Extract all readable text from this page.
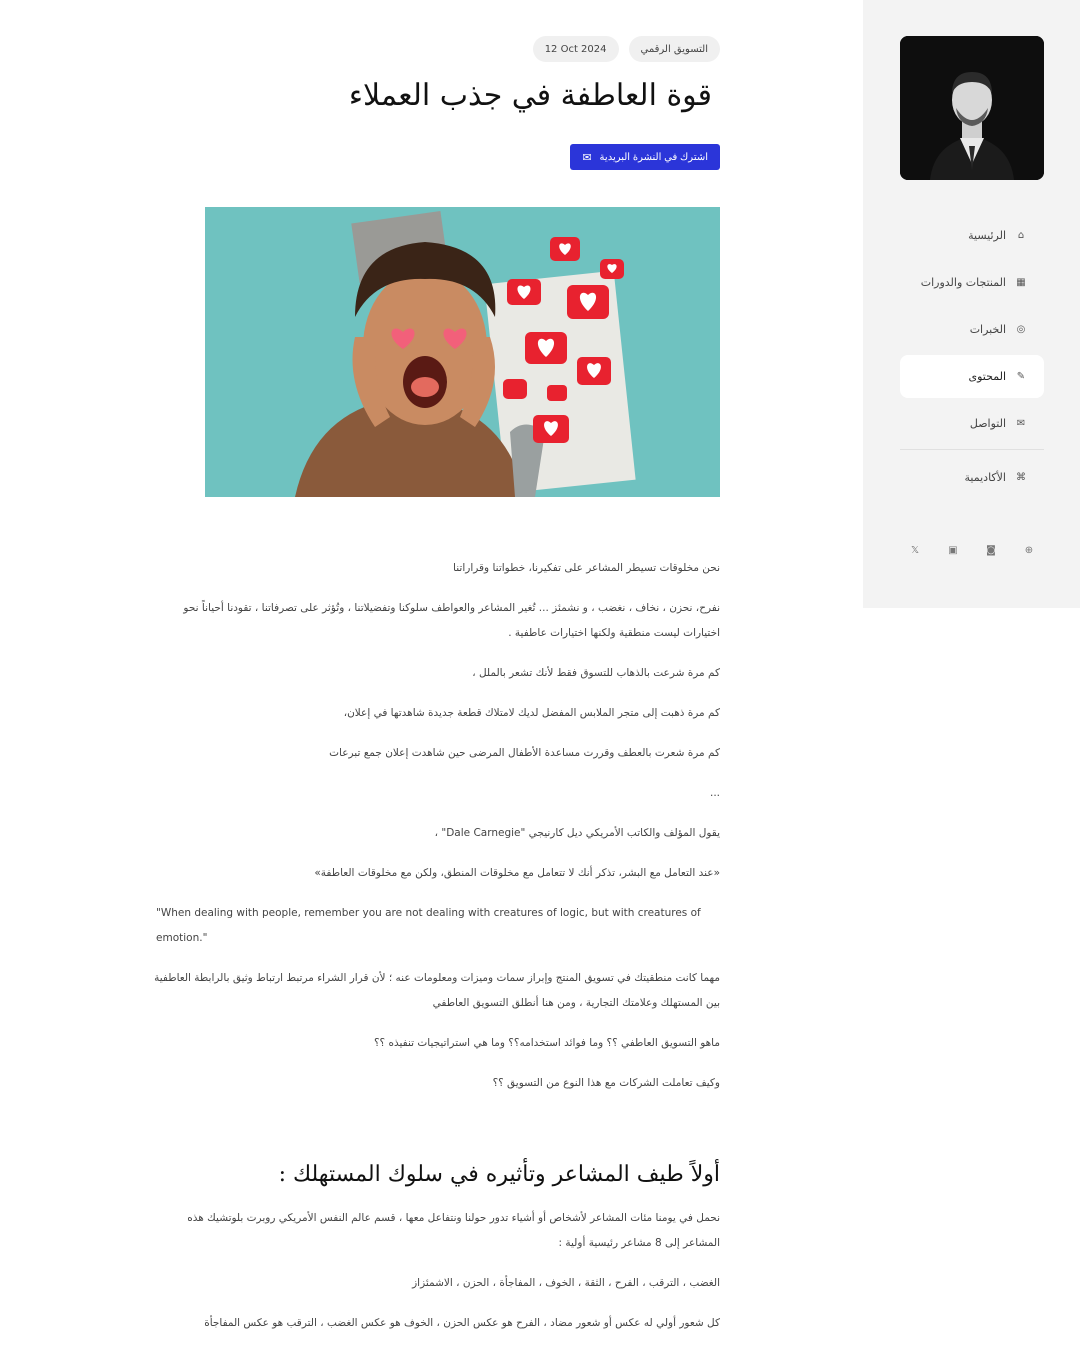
⌂
الرئيسية
▦
المنتجات والدورات
◎
الخبرات
✎
المحتوى
✉
التواصل
⌘
الأكاديمية
⊕
◙
▣
𝕏
التسويق الرقمي
12 Oct 2024
قوة العاطفة في جذب العملاء
اشترك في النشرة البريدية
✉

نحن مخلوقات تسيطر المشاعر على تفكيرنا، خطواتنا وقراراتنا

نفرح، نحزن ، نخاف ، نغضب ، و نشمئز ... تُغير المشاعر والعواطف سلوكنا وتفضيلاتنا ، وتُؤثر على تصرفاتنا ، تقودنا أحياناً نحو اختيارات ليست منطقية ولكنها اختيارات عاطفية .

كم مرة شرعت بالذهاب للتسوق فقط لأنك تشعر بالملل ،

كم مرة ذهبت إلى متجر الملابس المفضل لديك لامتلاك قطعة جديدة شاهدتها في إعلان،

كم مرة شعرت بالعطف وقررت مساعدة الأطفال المرضى حين شاهدت إعلان جمع تبرعات

...

يقول المؤلف والكاتب الأمريكي ديل كارنيجي "Dale Carnegie" ،

«عند التعامل مع البشر، تذكر أنك لا تتعامل مع مخلوقات المنطق، ولكن مع مخلوقات العاطفة»

"When dealing with people, remember you are not dealing with creatures of logic, but with creatures of emotion."

مهما كانت منطقيتك في تسويق المنتج وإبراز سمات وميزات ومعلومات عنه ؛ لأن قرار الشراء مرتبط ارتباط وثيق بالرابطة العاطفية بين المستهلك وعلامتك التجارية ، ومن هنا أنطلق التسويق العاطفي

ماهو التسويق العاطفي ؟؟ وما فوائد استخدامه؟؟ وما هي استراتيجيات تنفيذه ؟؟

وكيف تعاملت الشركات مع هذا النوع من التسويق ؟؟

أولاً طيف المشاعر وتأثيره في سلوك المستهلك :

نحمل في يومنا مئات المشاعر لأشخاص أو أشياء تدور حولنا ونتفاعل معها ، قسم عالم النفس الأمريكي روبرت بلوتشيك هذه المشاعر إلى 8 مشاعر رئيسية أولية :

الغضب ، الترقب ، الفرح ، الثقة ، الخوف ، المفاجأة ، الحزن ، الاشمئزاز

كل شعور أولي له عكس أو شعور مضاد ، الفرح هو عكس الحزن ، الخوف هو عكس الغضب ، الترقب هو عكس المفاجأة
